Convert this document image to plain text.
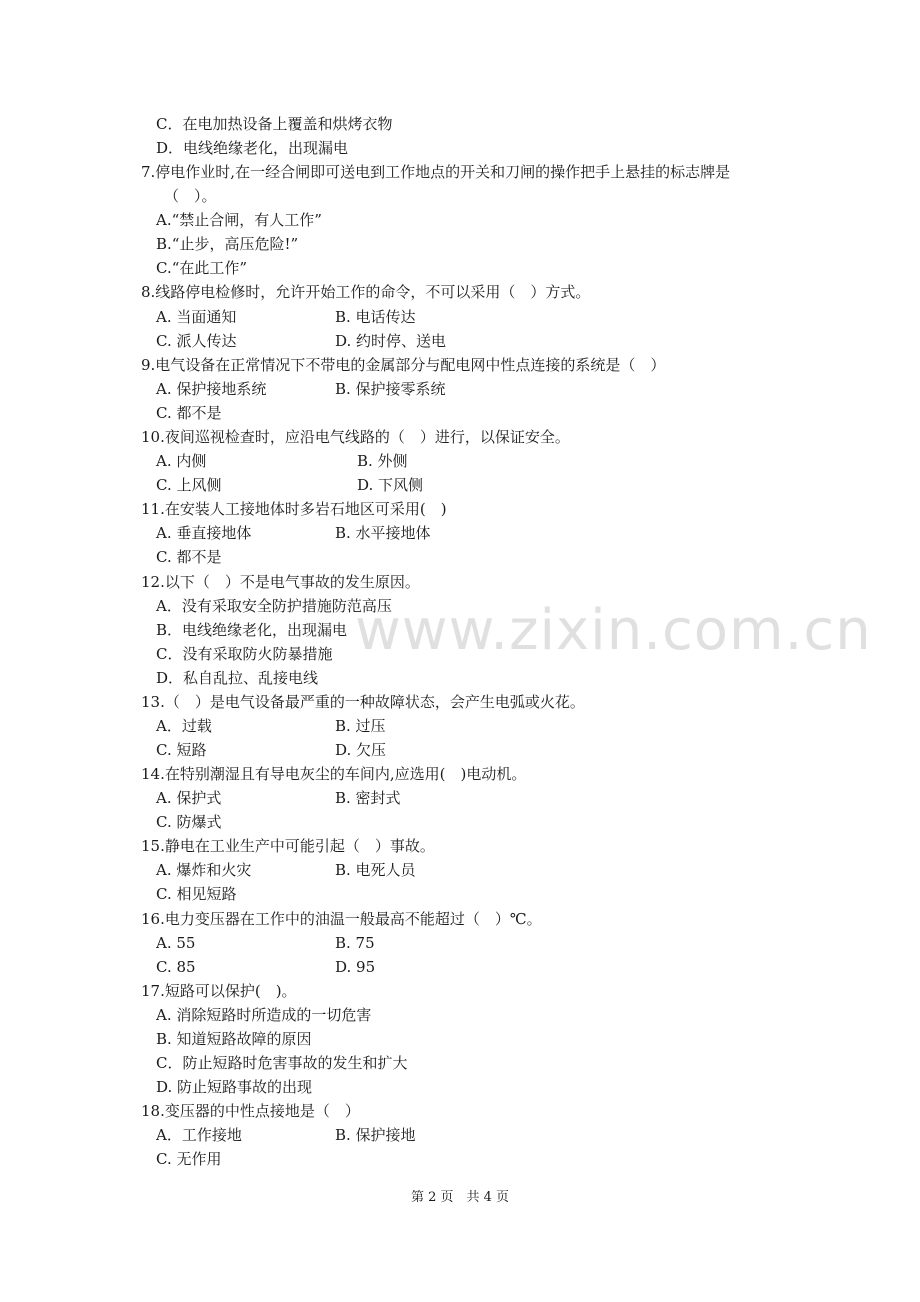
C．在电加热设备上覆盖和烘烤衣物
D．电线绝缘老化，出现漏电
7.停电作业时,在一经合闸即可送电到工作地点的开关和刀闸的操作把手上悬挂的标志牌是
（　）。
A.“禁止合闸，有人工作”
B.“止步，高压危险!”
C.“在此工作”
8.线路停电检修时，允许开始工作的命令，不可以采用（　）方式。
A. 当面通知	B. 电话传达
C. 派人传达	D. 约时停、送电
9.电气设备在正常情况下不带电的金属部分与配电网中性点连接的系统是（　）
A. 保护接地系统	B. 保护接零系统
C. 都不是
10.夜间巡视检查时，应沿电气线路的（　）进行，以保证安全。
A. 内侧	B. 外侧
C. 上风侧	D. 下风侧
11.在安装人工接地体时多岩石地区可采用(　)
A. 垂直接地体	B. 水平接地体
C. 都不是
12.以下（　）不是电气事故的发生原因。
A．没有采取安全防护措施防范高压
B．电线绝缘老化，出现漏电
C．没有采取防火防暴措施
D．私自乱拉、乱接电线
13.（　）是电气设备最严重的一种故障状态，会产生电弧或火花。
A．过载	B. 过压
C. 短路	D. 欠压
14.在特别潮湿且有导电灰尘的车间内,应选用(　)电动机。
A. 保护式	B. 密封式
C. 防爆式
15.静电在工业生产中可能引起（　）事故。
A. 爆炸和火灾	B. 电死人员
C. 相见短路
16.电力变压器在工作中的油温一般最高不能超过（　）℃。
A. 55	B. 75
C. 85	D. 95
17.短路可以保护(　)。
A. 消除短路时所造成的一切危害
B. 知道短路故障的原因
C．防止短路时危害事故的发生和扩大
D. 防止短路事故的出现
18.变压器的中性点接地是（　）
A．工作接地	B. 保护接地
C. 无作用
www.zixin.com.cn
第 2 页　共 4 页
